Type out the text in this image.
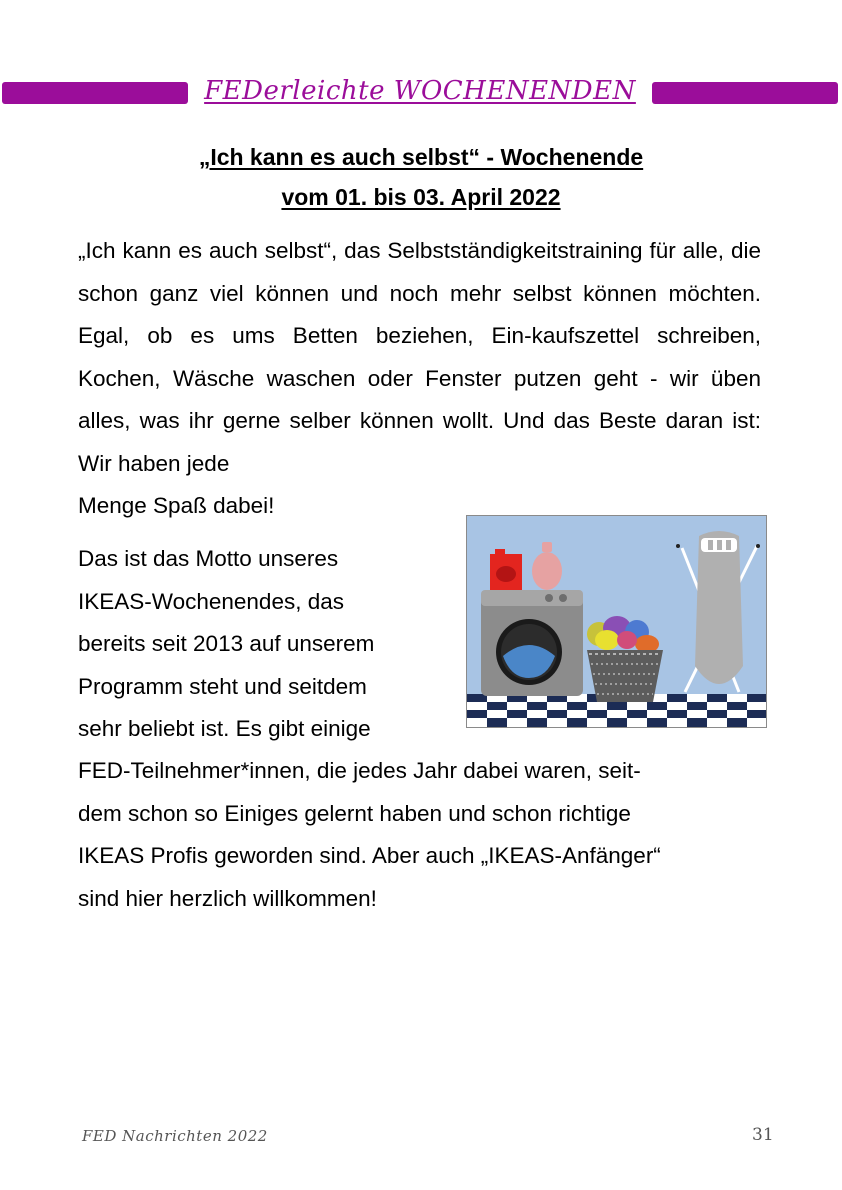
FEDerleichte WOCHENENDEN
„Ich kann es auch selbst“ - Wochenende
vom 01. bis 03. April 2022
„Ich kann es auch selbst“, das Selbstständigkeitstraining für alle, die schon ganz viel können und noch mehr selbst können möchten. Egal, ob es ums Betten beziehen, Ein-kaufszettel schreiben, Kochen, Wäsche waschen oder Fenster putzen geht - wir üben alles, was ihr gerne selber können wollt. Und das Beste daran ist: Wir haben jede
Menge Spaß dabei!
Das ist das Motto unseres
IKEAS-Wochenendes, das
bereits seit 2013 auf unserem
Programm steht und seitdem
sehr beliebt ist. Es gibt einige
FED-Teilnehmer*innen, die jedes Jahr dabei waren, seit-
dem schon so Einiges gelernt haben und schon richtige
IKEAS Profis geworden sind. Aber auch „IKEAS-Anfänger“
sind hier herzlich willkommen!
FED Nachrichten 2022	31
